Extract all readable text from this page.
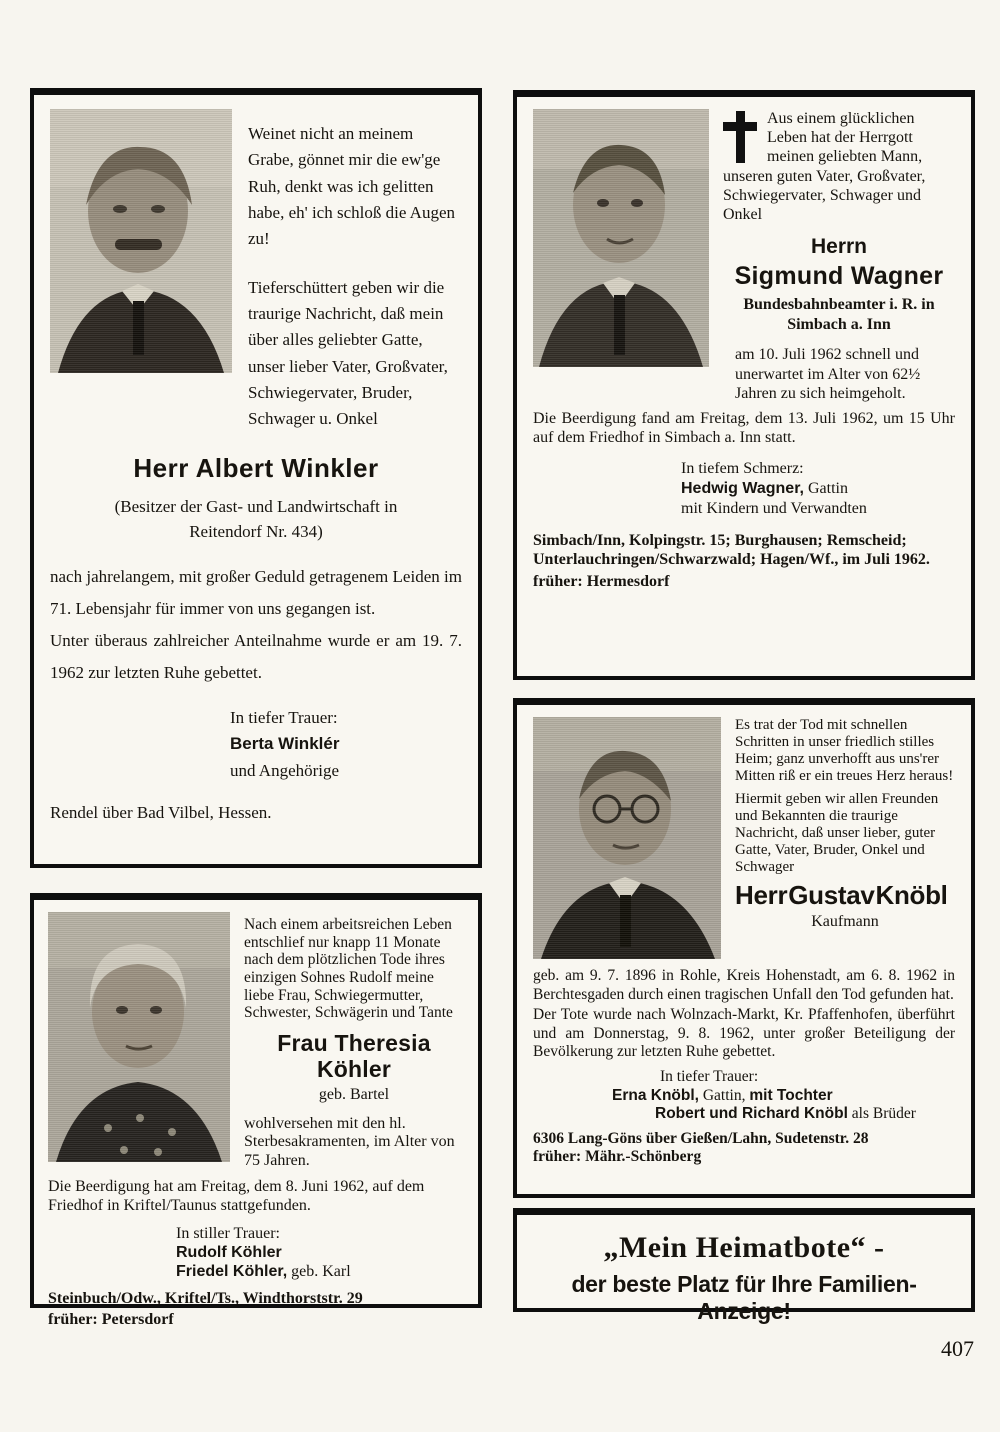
Weinet nicht an meinem Grabe, gönnet mir die ew'ge Ruh, denkt was ich gelitten habe, eh' ich schloß die Augen zu!

Tieferschüttert geben wir die traurige Nachricht, daß mein über alles geliebter Gatte, unser lieber Vater, Großvater, Schwiegervater, Bruder, Schwager u. Onkel

Herr Albert Winkler

(Besitzer der Gast- und Landwirtschaft in Reitendorf Nr. 434)

nach jahrelangem, mit großer Geduld getragenem Leiden im 71. Lebensjahr für immer von uns gegangen ist.

Unter überaus zahlreicher Anteilnahme wurde er am 19. 7. 1962 zur letzten Ruhe gebettet.

In tiefer Trauer:
Berta Winklér
und Angehörige

Rendel über Bad Vilbel, Hessen.

Aus einem glücklichen Leben hat der Herrgott meinen geliebten Mann, unseren guten Vater, Großvater, Schwiegervater, Schwager und Onkel
Herrn
Sigmund Wagner

Bundesbahnbeamter i. R. in Simbach a. Inn

am 10. Juli 1962 schnell und unerwartet im Alter von 62½ Jahren zu sich heimgeholt.

Die Beerdigung fand am Freitag, dem 13. Juli 1962, um 15 Uhr auf dem Friedhof in Simbach a. Inn statt.

In tiefem Schmerz:
Hedwig Wagner, Gattin
mit Kindern und Verwandten

Simbach/Inn, Kolpingstr. 15; Burghausen; Remscheid; Unterlauchringen/Schwarzwald; Hagen/Wf., im Juli 1962.

früher: Hermesdorf

Nach einem arbeitsreichen Leben entschlief nur knapp 11 Monate nach dem plötzlichen Tode ihres einzigen Sohnes Rudolf meine liebe Frau, Schwiegermutter, Schwester, Schwägerin und Tante

Frau Theresia Köhler

geb. Bartel

wohlversehen mit den hl. Sterbesakramenten, im Alter von 75 Jahren.

Die Beerdigung hat am Freitag, dem 8. Juni 1962, auf dem Friedhof in Kriftel/Taunus stattgefunden.

In stiller Trauer:
Rudolf Köhler
Friedel Köhler, geb. Karl

Steinbuch/Odw., Kriftel/Ts., Windthorststr. 29

früher: Petersdorf

Es trat der Tod mit schnellen Schritten in unser friedlich stilles Heim; ganz unverhofft aus uns'rer Mitten riß er ein treues Herz heraus!

Hiermit geben wir allen Freunden und Bekannten die traurige Nachricht, daß unser lieber, guter Gatte, Vater, Bruder, Onkel und Schwager

Herr Gustav Knöbl

Kaufmann

geb. am 9. 7. 1896 in Rohle, Kreis Hohenstadt, am 6. 8. 1962 in Berchtesgaden durch einen tragischen Unfall den Tod gefunden hat.

Der Tote wurde nach Wolnzach-Markt, Kr. Pfaffenhofen, überführt und am Donnerstag, 9. 8. 1962, unter großer Beteiligung der Bevölkerung zur letzten Ruhe gebettet.

In tiefer Trauer:
Erna Knöbl, Gattin, mit Tochter
Robert und Richard Knöbl als Brüder

6306 Lang-Göns über Gießen/Lahn, Sudetenstr. 28

früher: Mähr.-Schönberg

„Mein Heimatbote“ -

der beste Platz für Ihre Familien-Anzeige!

407
